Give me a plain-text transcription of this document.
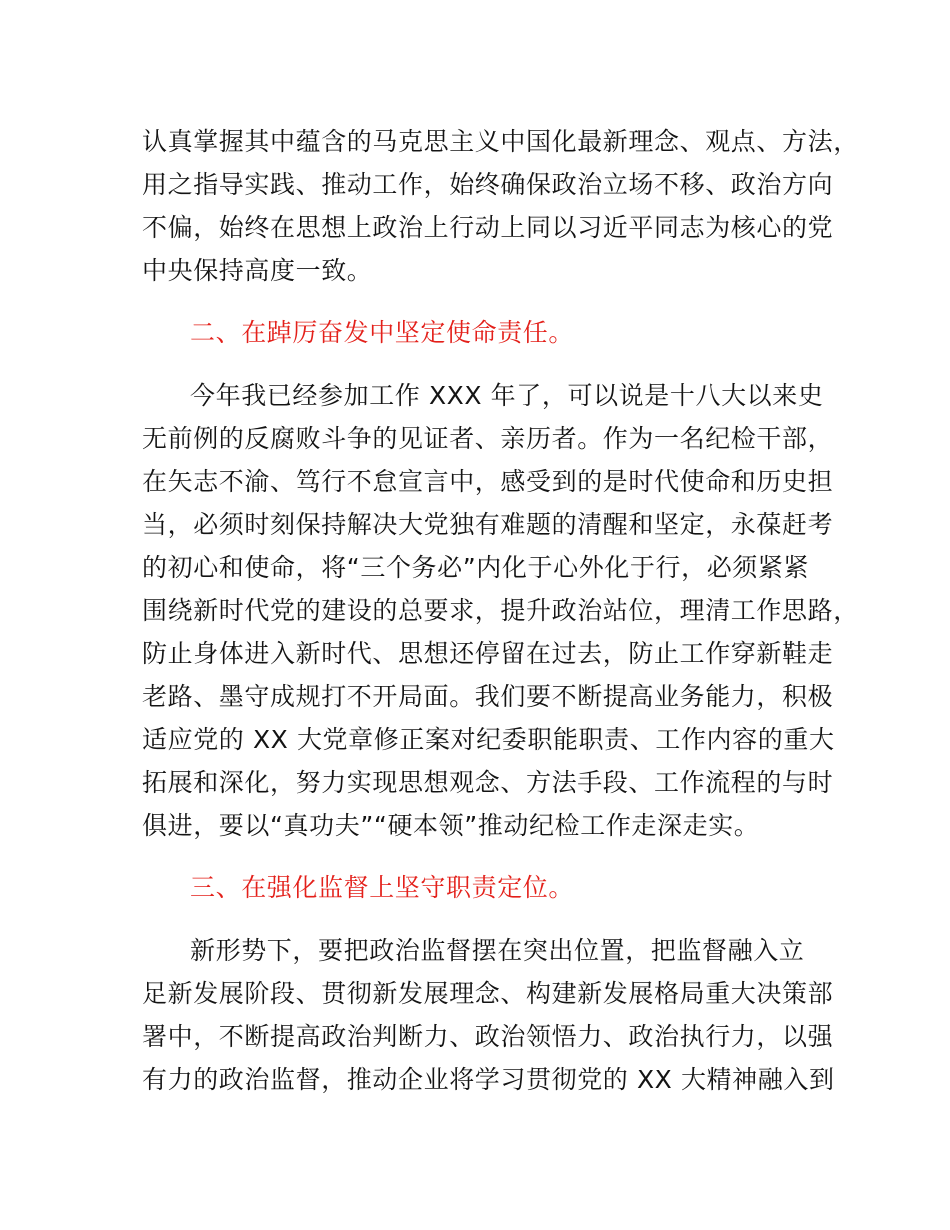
认真掌握其中蕴含的马克思主义中国化最新理念、观点、方法，
用之指导实践、推动工作，始终确保政治立场不移、政治方向
不偏，始终在思想上政治上行动上同以习近平同志为核心的党
中央保持高度一致。
二、在踔厉奋发中坚定使命责任。
今年我已经参加工作 XXX 年了，可以说是十八大以来史
无前例的反腐败斗争的见证者、亲历者。作为一名纪检干部，
在矢志不渝、笃行不怠宣言中，感受到的是时代使命和历史担
当，必须时刻保持解决大党独有难题的清醒和坚定，永葆赶考
的初心和使命，将“三个务必”内化于心外化于行，必须紧紧
围绕新时代党的建设的总要求，提升政治站位，理清工作思路，
防止身体进入新时代、思想还停留在过去，防止工作穿新鞋走
老路、墨守成规打不开局面。我们要不断提高业务能力，积极
适应党的 XX 大党章修正案对纪委职能职责、工作内容的重大
拓展和深化，努力实现思想观念、方法手段、工作流程的与时
俱进，要以“真功夫”“硬本领”推动纪检工作走深走实。
三、在强化监督上坚守职责定位。
新形势下，要把政治监督摆在突出位置，把监督融入立
足新发展阶段、贯彻新发展理念、构建新发展格局重大决策部
署中，不断提高政治判断力、政治领悟力、政治执行力，以强
有力的政治监督，推动企业将学习贯彻党的 XX 大精神融入到
